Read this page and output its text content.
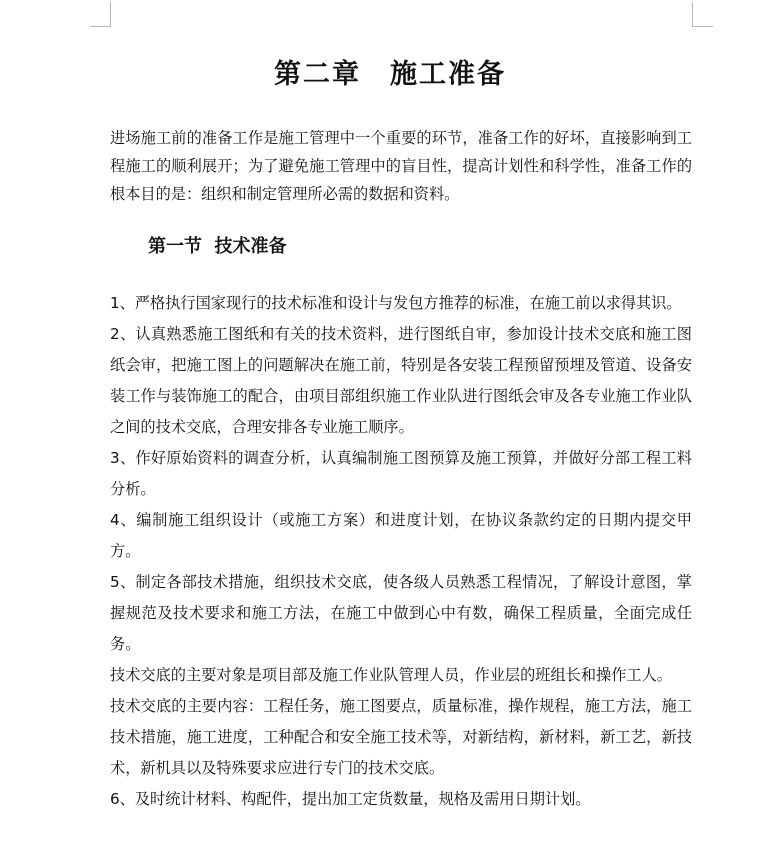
第二章　施工准备

进场施工前的准备工作是施工管理中一个重要的环节，准备工作的好坏，直接影响到工程施工的顺利展开；为了避免施工管理中的盲目性，提高计划性和科学性，准备工作的根本目的是：组织和制定管理所必需的数据和资料。

第一节  技术准备

1、严格执行国家现行的技术标准和设计与发包方推荐的标准，在施工前以求得其识。

2、认真熟悉施工图纸和有关的技术资料，进行图纸自审，参加设计技术交底和施工图纸会审，把施工图上的问题解决在施工前，特别是各安装工程预留预埋及管道、设备安装工作与装饰施工的配合，由项目部组织施工作业队进行图纸会审及各专业施工作业队之间的技术交底，合理安排各专业施工顺序。

3、作好原始资料的调查分析，认真编制施工图预算及施工预算，并做好分部工程工料分析。

4、编制施工组织设计（或施工方案）和进度计划，在协议条款约定的日期内提交甲方。

5、制定各部技术措施，组织技术交底，使各级人员熟悉工程情况，了解设计意图，掌握规范及技术要求和施工方法，在施工中做到心中有数，确保工程质量，全面完成任务。

技术交底的主要对象是项目部及施工作业队管理人员，作业层的班组长和操作工人。

技术交底的主要内容：工程任务，施工图要点，质量标准，操作规程，施工方法，施工技术措施，施工进度，工种配合和安全施工技术等，对新结构，新材料，新工艺，新技术，新机具以及特殊要求应进行专门的技术交底。

6、及时统计材料、构配件，提出加工定货数量，规格及需用日期计划。
